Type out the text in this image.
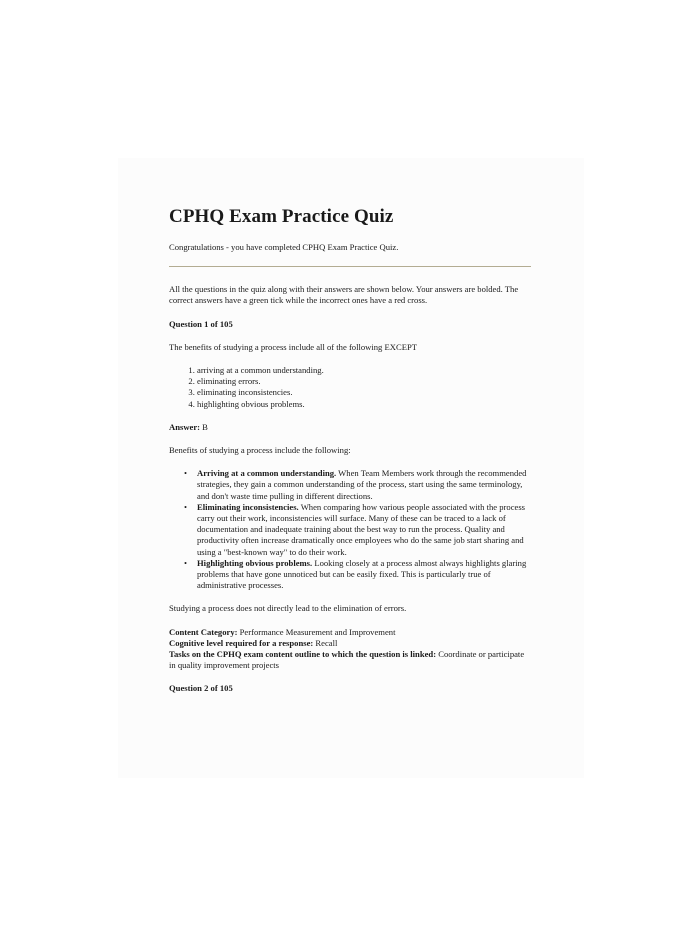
CPHQ Exam Practice Quiz

Congratulations - you have completed CPHQ Exam Practice Quiz.

All the questions in the quiz along with their answers are shown below. Your answers are bolded. The correct answers have a green tick while the incorrect ones have a red cross.

Question 1 of 105

The benefits of studying a process include all of the following EXCEPT

1. arriving at a common understanding.
2. eliminating errors.
3. eliminating inconsistencies.
4. highlighting obvious problems.

Answer: B

Benefits of studying a process include the following:

• Arriving at a common understanding. When Team Members work through the recommended strategies, they gain a common understanding of the process, start using the same terminology, and don't waste time pulling in different directions.
• Eliminating inconsistencies. When comparing how various people associated with the process carry out their work, inconsistencies will surface. Many of these can be traced to a lack of documentation and inadequate training about the best way to run the process. Quality and productivity often increase dramatically once employees who do the same job start sharing and using a "best-known way" to do their work.
• Highlighting obvious problems. Looking closely at a process almost always highlights glaring problems that have gone unnoticed but can be easily fixed. This is particularly true of administrative processes.

Studying a process does not directly lead to the elimination of errors.

Content Category: Performance Measurement and Improvement

Cognitive level required for a response: Recall

Tasks on the CPHQ exam content outline to which the question is linked: Coordinate or participate in quality improvement projects

Question 2 of 105
